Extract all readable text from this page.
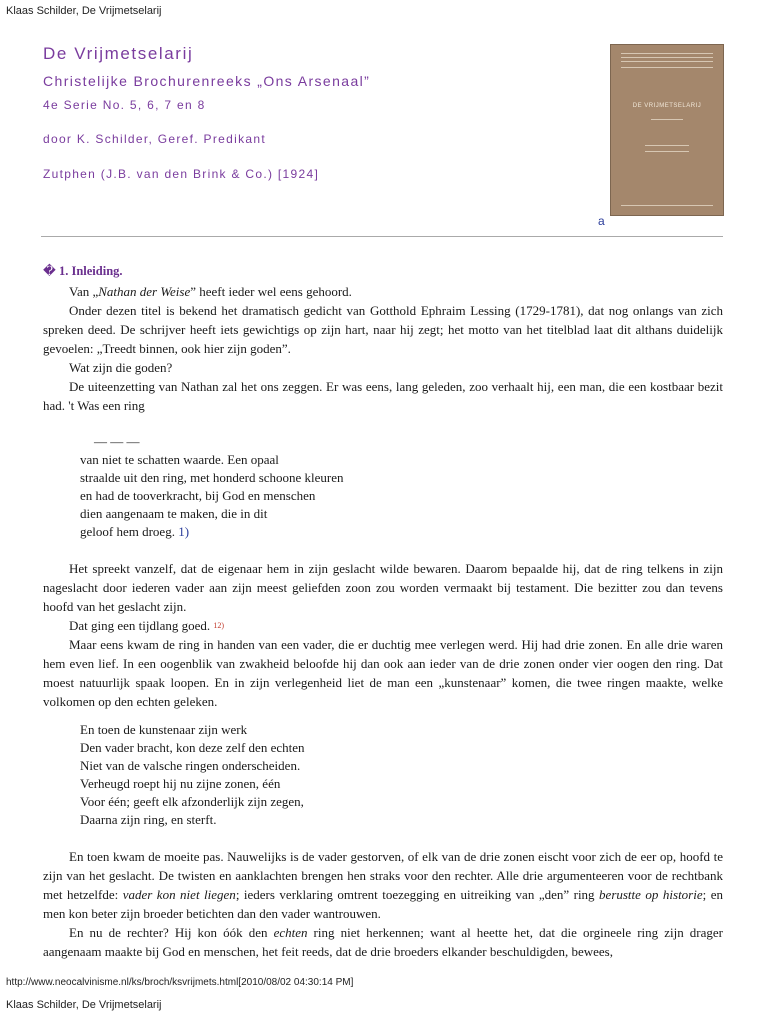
Klaas Schilder, De Vrijmetselarij
De Vrijmetselarij
Christelijke Brochurenreeks „Ons Arsenaal”
4e Serie No. 5, 6, 7 en 8
door K. Schilder, Geref. Predikant
Zutphen (J.B. van den Brink & Co.) [1924]
DE VRIJMETSELARIJ
a
� 1. Inleiding.

Van „Nathan der Weise” heeft ieder wel eens gehoord.

Onder dezen titel is bekend het dramatisch gedicht van Gotthold Ephraim Lessing (1729-1781), dat nog onlangs van zich spreken deed. De schrijver heeft iets gewichtigs op zijn hart, naar hij zegt; het motto van het titelblad laat dit althans duidelijk gevoelen: „Treedt binnen, ook hier zijn goden”.

Wat zijn die goden?

De uiteenzetting van Nathan zal het ons zeggen. Er was eens, lang geleden, zoo verhaalt hij, een man, die een kostbaar bezit had. 't Was een ring

— — —
van niet te schatten waarde. Een opaal
straalde uit den ring, met honderd schoone kleuren
en had de tooverkracht, bij God en menschen
dien aangenaam te maken, die in dit
geloof hem droeg. 1)

Het spreekt vanzelf, dat de eigenaar hem in zijn geslacht wilde bewaren. Daarom bepaalde hij, dat de ring telkens in zijn nageslacht door iederen vader aan zijn meest geliefden zoon zou worden vermaakt bij testament. Die bezitter zou dan tevens hoofd van het geslacht zijn.

Dat ging een tijdlang goed. 12)

Maar eens kwam de ring in handen van een vader, die er duchtig mee verlegen werd. Hij had drie zonen. En alle drie waren hem even lief. In een oogenblik van zwakheid beloofde hij dan ook aan ieder van de drie zonen onder vier oogen den ring. Dat moest natuurlijk spaak loopen. En in zijn verlegenheid liet de man een „kunstenaar” komen, die twee ringen maakte, welke volkomen op den echten geleken.

En toen de kunstenaar zijn werk
Den vader bracht, kon deze zelf den echten
Niet van de valsche ringen onderscheiden.
Verheugd roept hij nu zijne zonen, één
Voor één; geeft elk afzonderlijk zijn zegen,
Daarna zijn ring, en sterft.

En toen kwam de moeite pas. Nauwelijks is de vader gestorven, of elk van de drie zonen eischt voor zich de eer op, hoofd te zijn van het geslacht. De twisten en aanklachten brengen hen straks voor den rechter. Alle drie argumenteeren voor de rechtbank met hetzelfde: vader kon niet liegen; ieders verklaring omtrent toezegging en uitreiking van „den” ring berustte op historie; en men kon beter zijn broeder betichten dan den vader wantrouwen.

En nu de rechter? Hij kon óók den echten ring niet herkennen; want al heette het, dat die orgineele ring zijn drager aangenaam maakte bij God en menschen, het feit reeds, dat de drie broeders elkander beschuldigden, bewees,

http://www.neocalvinisme.nl/ks/broch/ksvrijmets.html[2010/08/02 04:30:14 PM]
Klaas Schilder, De Vrijmetselarij
